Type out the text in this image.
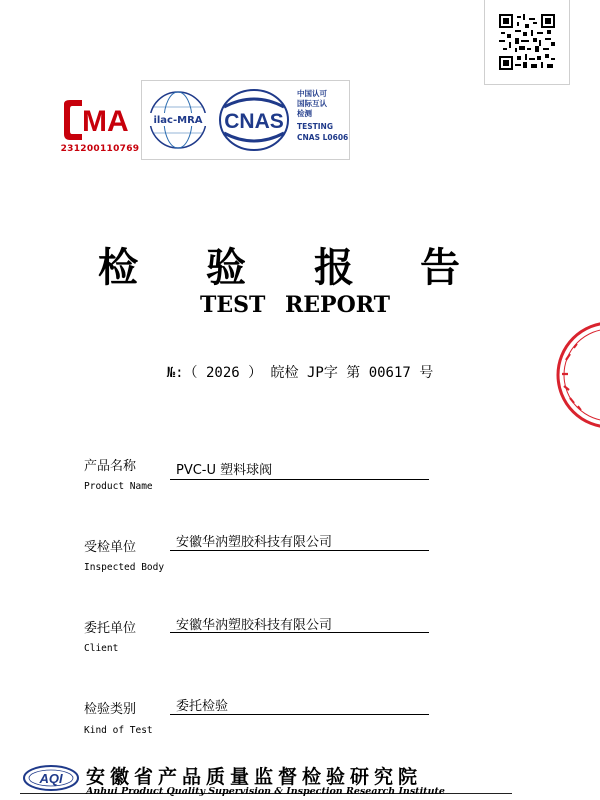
MA
231200110769
ilac-MRA CNAS
中国认可
国际互认
检测
TESTING
CNAS L0606
检 验 报 告
TEST REPORT
№:（ 2026 ） 皖检 JP字 第 00617 号
产品名称	PVC-U 塑料球阀
Product Name
受检单位	安徽华汭塑胶科技有限公司
Inspected Body
委托单位	安徽华汭塑胶科技有限公司
Client
检验类别	委托检验
Kind of Test
AQI 安徽省产品质量监督检验研究院
Anhui Product Quality Supervision & Inspection Research Institute
